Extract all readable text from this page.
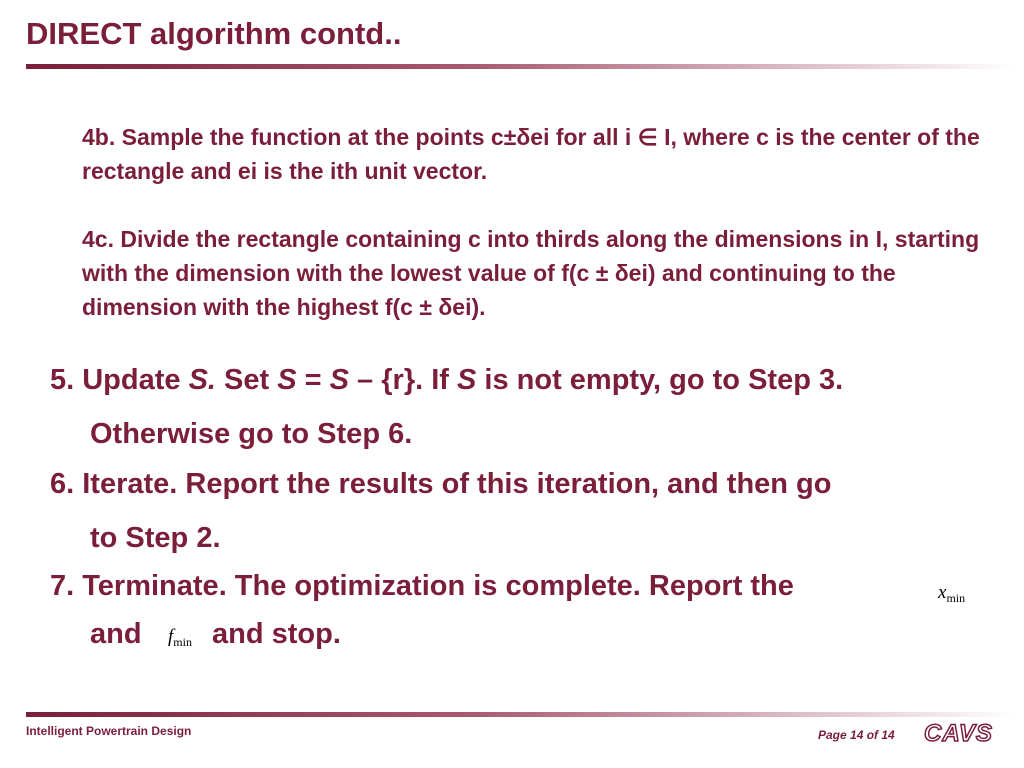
DIRECT algorithm contd..

4b. Sample the function at the points c±δei for all i ∈ I, where c is the center of the rectangle and ei is the ith unit vector.

4c. Divide the rectangle containing c into thirds along the dimensions in I, starting with the dimension with the lowest value of f(c ± δei) and continuing to the dimension with the highest f(c ± δei).

5. Update S. Set S = S – {r}. If S is not empty, go to Step 3.
Otherwise go to Step 6.
6. Iterate. Report the results of this iteration, and then go
to Step 2.
7. Terminate. The optimization is complete. Report the
and and stop.
$x_{min}$
$f_{min}$
Intelligent Powertrain Design	Page 14 of 14 CAVS
